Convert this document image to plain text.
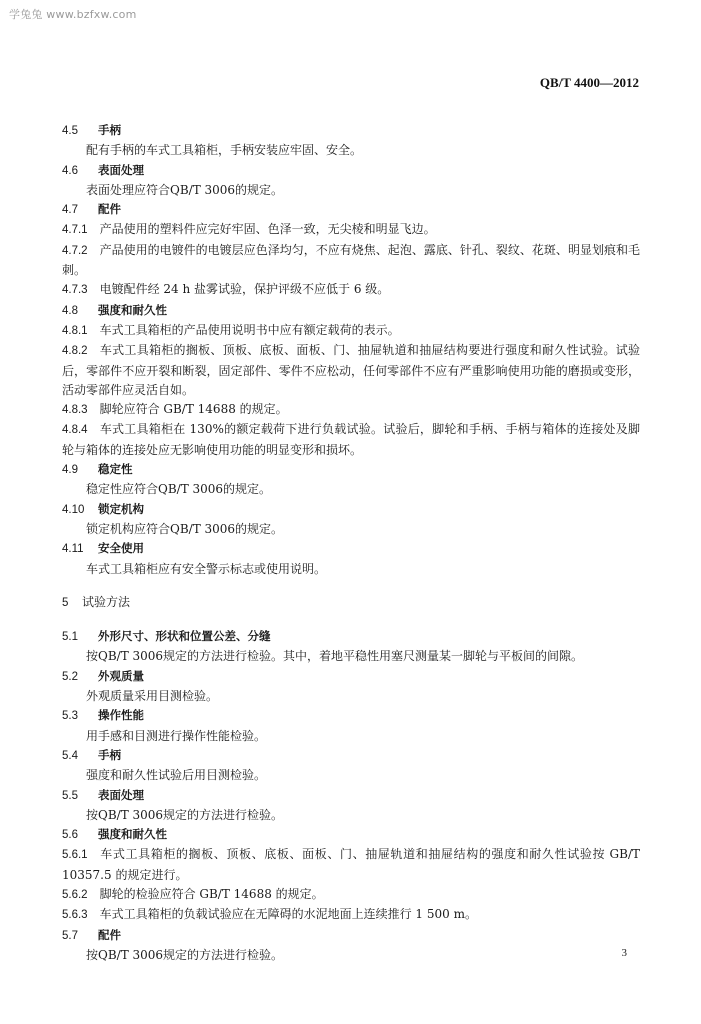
学兔兔 www.bzfxw.com
QB/T 4400—2012
4.5 手柄
配有手柄的车式工具箱柜，手柄安装应牢固、安全。
4.6 表面处理
表面处理应符合QB/T 3006的规定。
4.7 配件
4.7.1 产品使用的塑料件应完好牢固、色泽一致，无尖棱和明显飞边。
4.7.2 产品使用的电镀件的电镀层应色泽均匀，不应有烧焦、起泡、露底、针孔、裂纹、花斑、明显划痕和毛刺。
4.7.3 电镀配件经 24 h 盐雾试验，保护评级不应低于 6 级。
4.8 强度和耐久性
4.8.1 车式工具箱柜的产品使用说明书中应有额定载荷的表示。
4.8.2 车式工具箱柜的搁板、顶板、底板、面板、门、抽屉轨道和抽屉结构要进行强度和耐久性试验。试验后，零部件不应开裂和断裂，固定部件、零件不应松动，任何零部件不应有严重影响使用功能的磨损或变形，活动零部件应灵活自如。
4.8.3 脚轮应符合 GB/T 14688 的规定。
4.8.4 车式工具箱柜在 130%的额定载荷下进行负载试验。试验后，脚轮和手柄、手柄与箱体的连接处及脚轮与箱体的连接处应无影响使用功能的明显变形和损坏。
4.9 稳定性
稳定性应符合QB/T 3006的规定。
4.10 锁定机构
锁定机构应符合QB/T 3006的规定。
4.11 安全使用
车式工具箱柜应有安全警示标志或使用说明。
5 试验方法
5.1 外形尺寸、形状和位置公差、分缝
按QB/T 3006规定的方法进行检验。其中，着地平稳性用塞尺测量某一脚轮与平板间的间隙。
5.2 外观质量
外观质量采用目测检验。
5.3 操作性能
用手感和目测进行操作性能检验。
5.4 手柄
强度和耐久性试验后用目测检验。
5.5 表面处理
按QB/T 3006规定的方法进行检验。
5.6 强度和耐久性
5.6.1 车式工具箱柜的搁板、顶板、底板、面板、门、抽屉轨道和抽屉结构的强度和耐久性试验按 GB/T 10357.5 的规定进行。
5.6.2 脚轮的检验应符合 GB/T 14688 的规定。
5.6.3 车式工具箱柜的负载试验应在无障碍的水泥地面上连续推行 1 500 m。
5.7 配件
按QB/T 3006规定的方法进行检验。	3
